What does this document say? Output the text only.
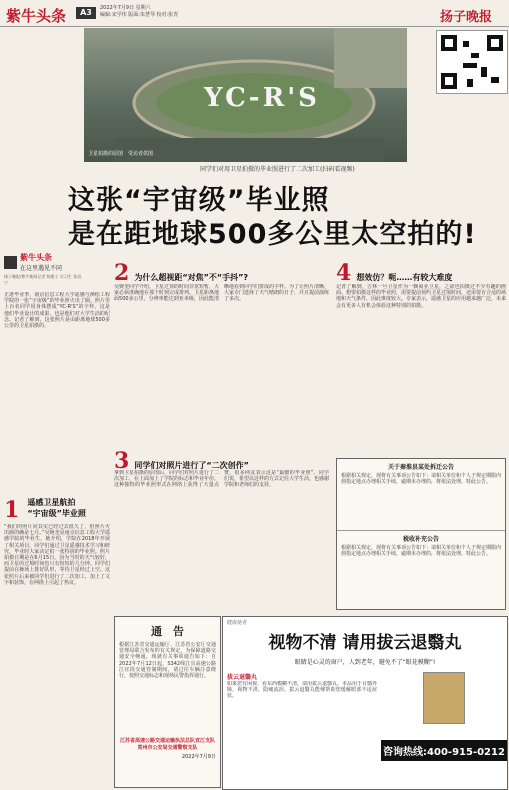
紫牛头条	A3	2022年7月9日 星期六
编辑:宋学伟 版面:朱慧琴 校对:张青	扬子晚报
YC-R'S
卫星拍摄的原图　 受访者供图
同学们对用卫星拍摄的毕业照进行了二次加工(扫码看视频)
这张“宇宙级”毕业照
是在距地球500多公里太空拍的!
紫牛头条
在这里遇见不同
扬子晚报/紫牛新闻记者 杨甜子 实习生 张语宁
正逢毕业季，南京信息工程大学遥感与测绘工程学院的一张“宇宙级”的毕业照火出了圈。照片里上百名同学用身体摆成“YC-R'S”的字样，这是他们毕业设计的成果，也是他们对大学生活的纪念。记者了解到，这张照片是由距离地球500多公里的卫星拍摄的。
1 遥感卫星航拍
“宇宙级”毕业照
“我们的照片同其实已经过去很久了，但照片火出圈的确是七月。”吴婉奎是南京信息工程大学遥感学院的毕业生，她介绍，学院在2018年开展了相关项目，同学们通过卫星遥感技术学习和研究，毕业时大家决定拍一张特别的毕业照。照片拍摄日期是在6月15日，因为当时的天气较好，而卫星的过境时间也只有短短的几分钟。同学们提前在操场上排好队形，等待卫星经过上空。这张照片后来被同学们进行了二次加工，加上了文字和装饰，在网络上引起了热议。
2 为什么超视距“对焦”不“手抖”?
吴婉奎同学介绍，卫星过顶的时间非常短暂，大家必须准确地在那个时刻完成排列。卫星距离地面500多公里，分辨率能达到亚米级，因此能清晰地看到同学们排成的字样。为了让照片清晰，大家专门选择了天气晴朗的日子，并且提前演练了多次。
3 同学们对照片进行了“二次创作”
拿到卫星拍摄的原图后，同学们对照片进行了二次加工，在上面加上了学院的标志和毕业年份。这种独特的毕业照形式在网络上获得了大量点赞，很多网友表示这是“最酷的毕业照”。同学们说，希望以这样的方式记住大学生活，也感谢学院和老师们的支持。
4 想效仿？呃……有较大难度
记者了解到，吉林一号卫星作为一颗商业卫星，之前也拍摄过不少有趣的画面。想要拍摄这样的毕业照，需要提前预约卫星过境时间，还需要有合适的场地和天气条件，因此难度较大。专家表示，遥感卫星的应用越来越广泛，未来会有更多人有机会体验这种特别的拍摄。
关于秦淮县某处拆迁公告
根据相关规定，现将有关事项公告如下：请相关单位和个人于规定期限内到指定地点办理相关手续，逾期未办理的，将依法处理。特此公告。
税收补充公告
根据相关规定，现将有关事项公告如下：请相关单位和个人于规定期限内到指定地点办理相关手续，逾期未办理的，将依法处理。特此公告。
通　告
根据江苏省交通运输厅、江苏省公安厅交通管理局联合发布的有关规定，为保障道路交通安全畅通，现就有关事项通告如下：自2022年7月12日起，S342线江宜高速公路江宜段交通管制期间，请过往车辆注意绕行，按照交通标志和现场民警指挥通行。
江苏省高速公路交通运输执法总队宜江支队
常州市公安局交通警察支队
2022年7月9日
健康使者
视物不清 请用拔云退翳丸
眼睛是心灵的窗户，人到老年，避免不了“眼花模糊”!
拔云退翳丸
如果您有闲视、看东西模糊不清，请用拔云退翳丸。本品用于目翳外障，视物不清，隐痛流泪。拔云退翳丸能够帮助您缓解眼部不适症状。
咨询热线:400-915-0212
